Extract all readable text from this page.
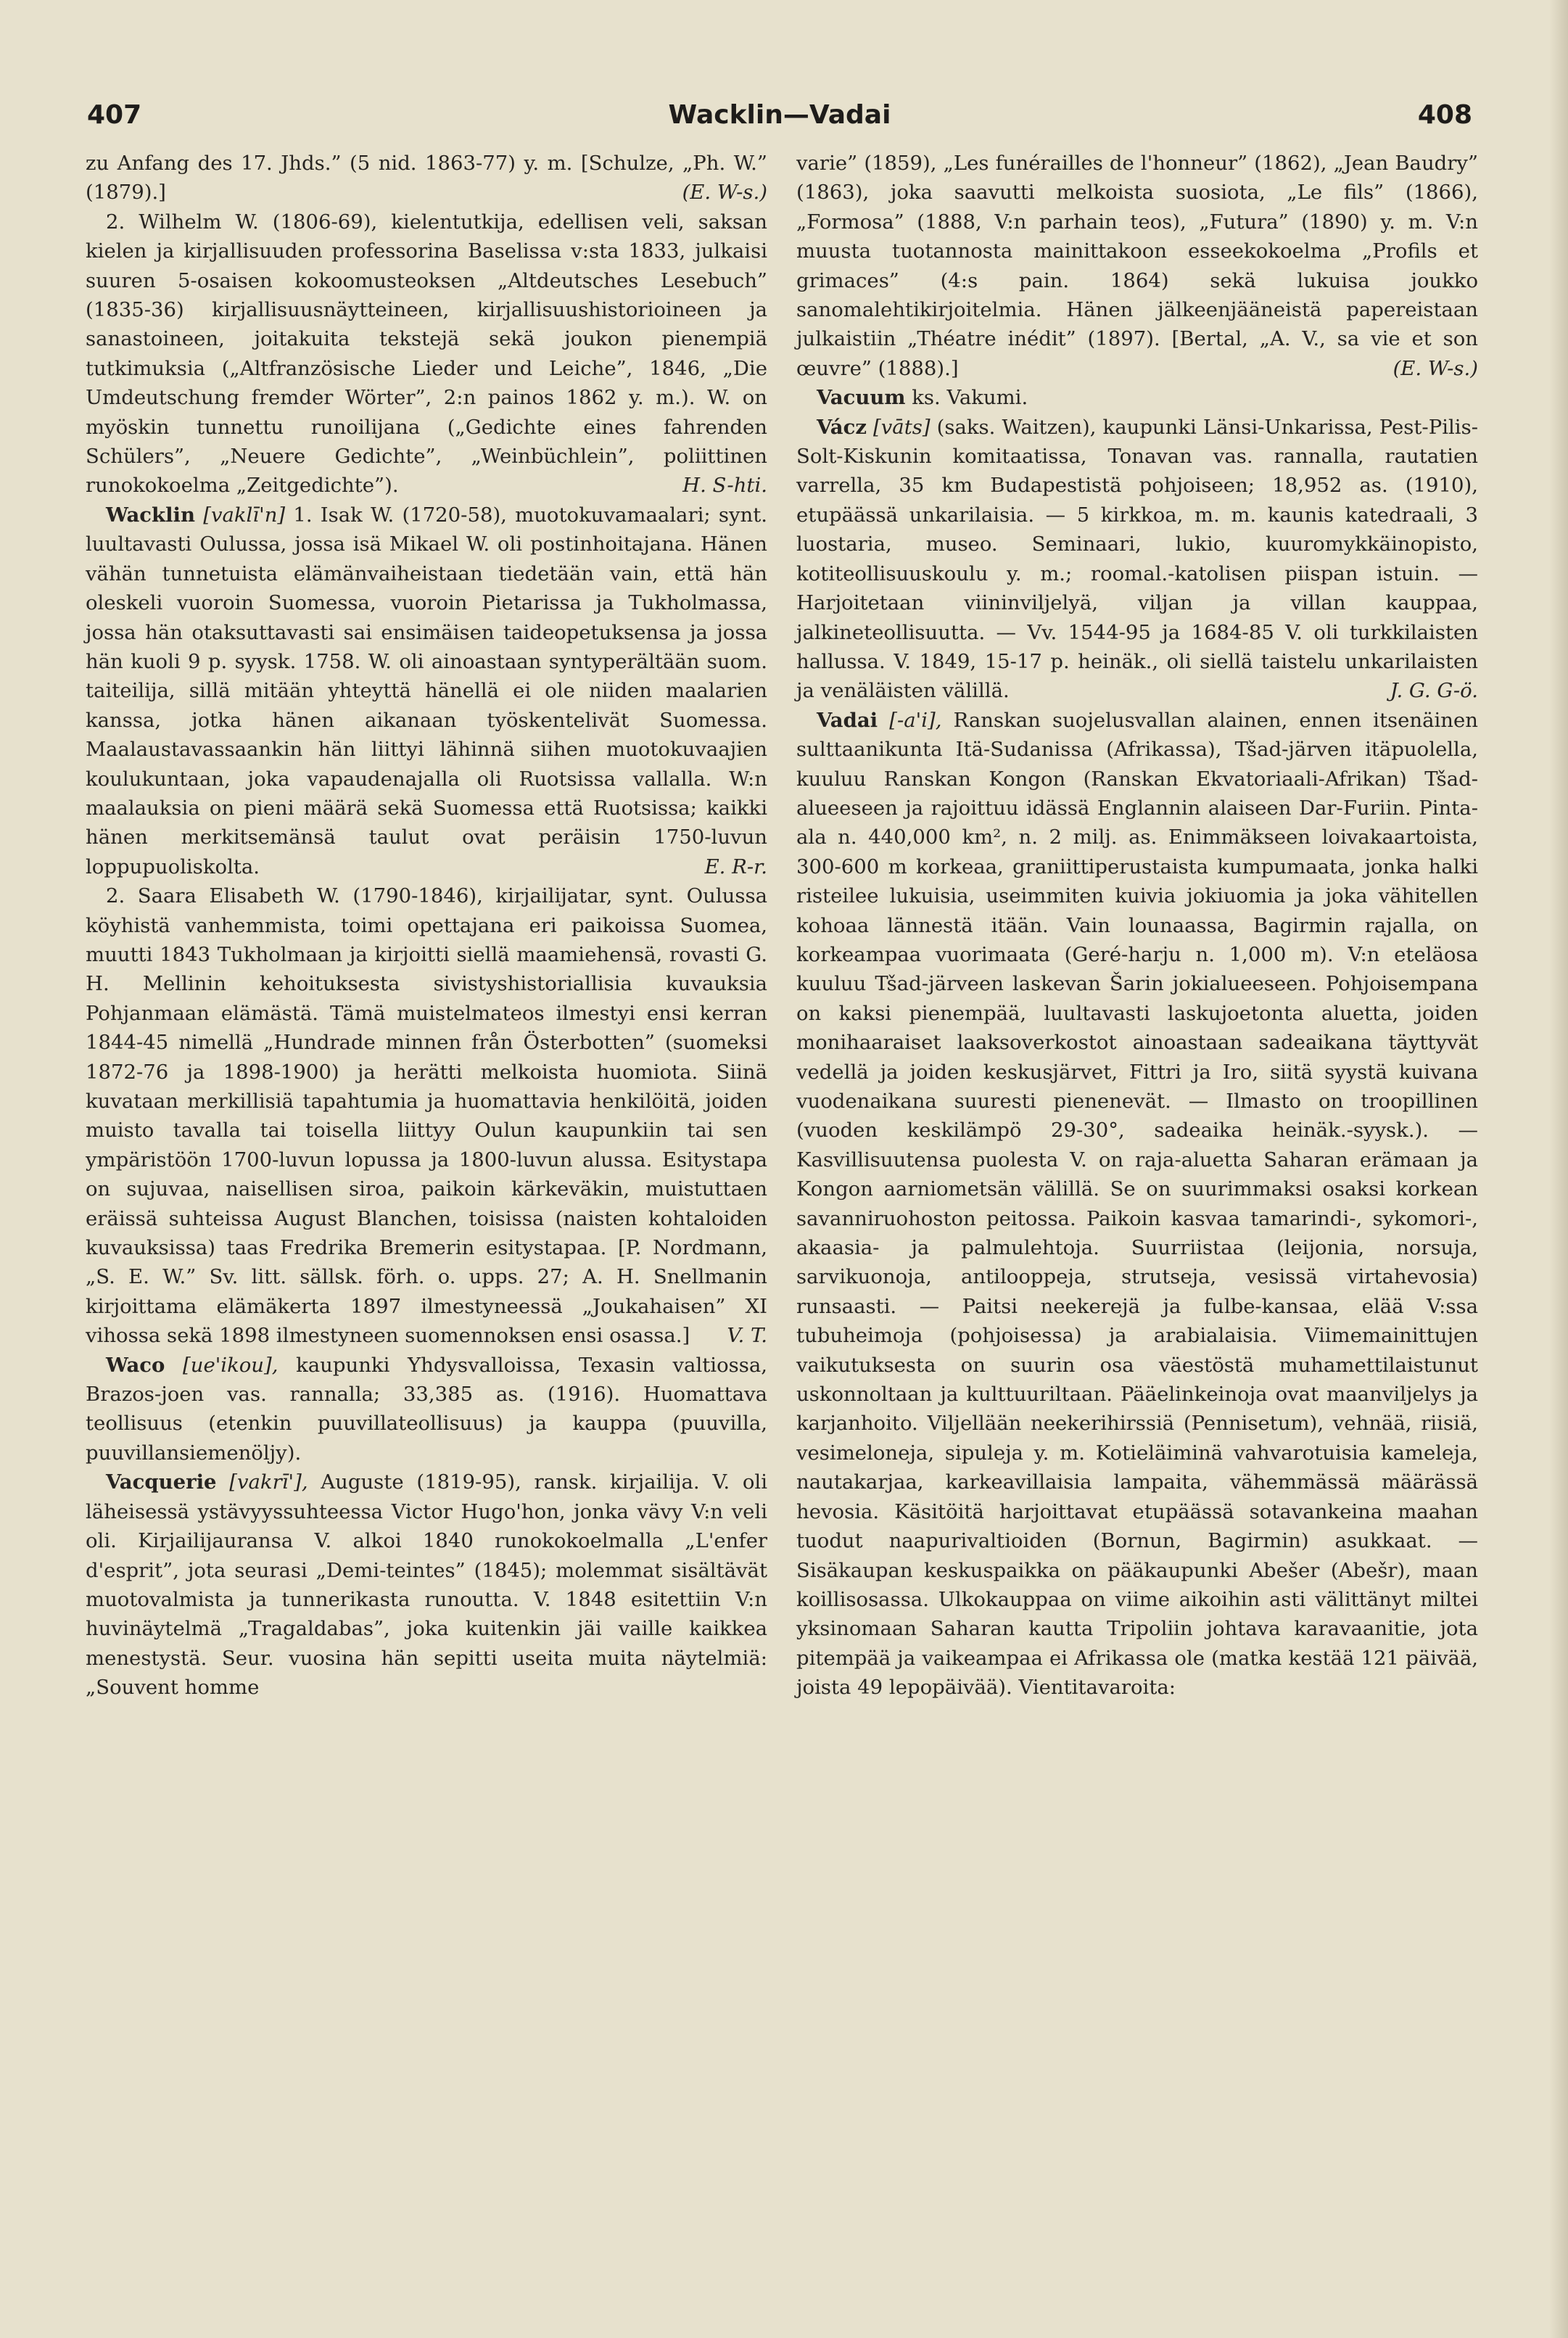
407	Wacklin—Vadai	408

zu Anfang des 17. Jhds.” (5 nid. 1863-77) y. m. [Schulze, „Ph. W.” (1879).]	(E. W-s.)

2. Wilhelm W. (1806-69), kielentutkija, edellisen veli, saksan kielen ja kirjallisuuden professorina Baselissa v:sta 1833, julkaisi suuren 5-osaisen kokoomusteoksen „Altdeutsches Lesebuch” (1835-36) kirjallisuusnäytteineen, kirjallisuushistorioineen ja sanastoineen, joitakuita tekstejä sekä joukon pienempiä tutkimuksia („Altfranzösische Lieder und Leiche”, 1846, „Die Umdeutschung fremder Wörter”, 2:n painos 1862 y. m.). W. on myöskin tunnettu runoilijana („Gedichte eines fahrenden Schülers”, „Neuere Gedichte”, „Weinbüchlein”, poliittinen runokokoelma „Zeitgedichte”).	H. S-hti.

Wacklin [vaklī'n] 1. Isak W. (1720-58), muotokuvamaalari; synt. luultavasti Oulussa, jossa isä Mikael W. oli postinhoitajana. Hänen vähän tunnetuista elämänvaiheistaan tiedetään vain, että hän oleskeli vuoroin Suomessa, vuoroin Pietarissa ja Tukholmassa, jossa hän otaksuttavasti sai ensimäisen taideopetuksensa ja jossa hän kuoli 9 p. syysk. 1758. W. oli ainoastaan syntyperältään suom. taiteilija, sillä mitään yhteyttä hänellä ei ole niiden maalarien kanssa, jotka hänen aikanaan työskentelivät Suomessa. Maalaustavassaankin hän liittyi lähinnä siihen muotokuvaajien koulukuntaan, joka vapaudenajalla oli Ruotsissa vallalla. W:n maalauksia on pieni määrä sekä Suomessa että Ruotsissa; kaikki hänen merkitsemänsä taulut ovat peräisin 1750-luvun loppupuoliskolta.	E. R-r.

2. Saara Elisabeth W. (1790-1846), kirjailijatar, synt. Oulussa köyhistä vanhemmista, toimi opettajana eri paikoissa Suomea, muutti 1843 Tukholmaan ja kirjoitti siellä maamiehensä, rovasti G. H. Mellinin kehoituksesta sivistyshistoriallisia kuvauksia Pohjanmaan elämästä. Tämä muistelmateos ilmestyi ensi kerran 1844-45 nimellä „Hundrade minnen från Österbotten” (suomeksi 1872-76 ja 1898-1900) ja herätti melkoista huomiota. Siinä kuvataan merkillisiä tapahtumia ja huomattavia henkilöitä, joiden muisto tavalla tai toisella liittyy Oulun kaupunkiin tai sen ympäristöön 1700-luvun lopussa ja 1800-luvun alussa. Esitystapa on sujuvaa, naisellisen siroa, paikoin kärkeväkin, muistuttaen eräissä suhteissa August Blanchen, toisissa (naisten kohtaloiden kuvauksissa) taas Fredrika Bremerin esitystapaa. [P. Nordmann, „S. E. W.” Sv. litt. sällsk. förh. o. upps. 27; A. H. Snellmanin kirjoittama elämäkerta 1897 ilmestyneessä „Joukahaisen” XI vihossa sekä 1898 ilmestyneen suomennoksen ensi osassa.]	V. T.

Waco [ue'ikou], kaupunki Yhdysvalloissa, Texasin valtiossa, Brazos-joen vas. rannalla; 33,385 as. (1916). Huomattava teollisuus (etenkin puuvillateollisuus) ja kauppa (puuvilla, puuvillansiemenöljy).

Vacquerie [vakrī'], Auguste (1819-95), ransk. kirjailija. V. oli läheisessä ystävyyssuhteessa Victor Hugo'hon, jonka vävy V:n veli oli. Kirjailijauransa V. alkoi 1840 runokokoelmalla „L'enfer d'esprit”, jota seurasi „Demi-teintes” (1845); molemmat sisältävät muotovalmista ja tunnerikasta runoutta. V. 1848 esitettiin V:n huvinäytelmä „Tragaldabas”, joka kuitenkin jäi vaille kaikkea menestystä. Seur. vuosina hän sepitti useita muita näytelmiä: „Souvent homme

varie” (1859), „Les funérailles de l'honneur” (1862), „Jean Baudry” (1863), joka saavutti melkoista suosiota, „Le fils” (1866), „Formosa” (1888, V:n parhain teos), „Futura” (1890) y. m. V:n muusta tuotannosta mainittakoon esseekokoelma „Profils et grimaces” (4:s pain. 1864) sekä lukuisa joukko sanomalehtikirjoitelmia. Hänen jälkeenjääneistä papereistaan julkaistiin „Théatre inédit” (1897). [Bertal, „A. V., sa vie et son œuvre” (1888).]	(E. W-s.)

Vacuum ks. Vakumi.

Vácz [vāts] (saks. Waitzen), kaupunki Länsi-Unkarissa, Pest-Pilis-Solt-Kiskunin komitaatissa, Tonavan vas. rannalla, rautatien varrella, 35 km Budapestistä pohjoiseen; 18,952 as. (1910), etupäässä unkarilaisia. — 5 kirkkoa, m. m. kaunis katedraali, 3 luostaria, museo. Seminaari, lukio, kuuromykkäinopisto, kotiteollisuuskoulu y. m.; roomal.-katolisen piispan istuin. — Harjoitetaan viininviljelyä, viljan ja villan kauppaa, jalkineteollisuutta. — Vv. 1544-95 ja 1684-85 V. oli turkkilaisten hallussa. V. 1849, 15-17 p. heinäk., oli siellä taistelu unkarilaisten ja venäläisten välillä.	J. G. G-ö.

Vadai [-a'i], Ranskan suojelusvallan alainen, ennen itsenäinen sulttaanikunta Itä-Sudanissa (Afrikassa), Tšad-järven itäpuolella, kuuluu Ranskan Kongon (Ranskan Ekvatoriaali-Afrikan) Tšad-alueeseen ja rajoittuu idässä Englannin alaiseen Dar-Furiin. Pinta-ala n. 440,000 km², n. 2 milj. as. Enimmäkseen loivakaartoista, 300-600 m korkeaa, graniittiperustaista kumpumaata, jonka halki risteilee lukuisia, useimmiten kuivia jokiuomia ja joka vähitellen kohoaa lännestä itään. Vain lounaassa, Bagirmin rajalla, on korkeampaa vuorimaata (Geré-harju n. 1,000 m). V:n eteläosa kuuluu Tšad-järveen laskevan Šarin jokialueeseen. Pohjoisempana on kaksi pienempää, luultavasti laskujoetonta aluetta, joiden monihaaraiset laaksoverkostot ainoastaan sadeaikana täyttyvät vedellä ja joiden keskusjärvet, Fittri ja Iro, siitä syystä kuivana vuodenaikana suuresti pienenevät. — Ilmasto on troopillinen (vuoden keskilämpö 29-30°, sadeaika heinäk.-syysk.). — Kasvillisuutensa puolesta V. on raja-aluetta Saharan erämaan ja Kongon aarniometsän välillä. Se on suurimmaksi osaksi korkean savanniruohoston peitossa. Paikoin kasvaa tamarindi-, sykomori-, akaasia- ja palmulehtoja. Suurriistaa (leijonia, norsuja, sarvikuonoja, antilooppeja, strutseja, vesissä virtahevosia) runsaasti. — Paitsi neekerejä ja fulbe-kansaa, elää V:ssa tubuheimoja (pohjoisessa) ja arabialaisia. Viimemainittujen vaikutuksesta on suurin osa väestöstä muhamettilaistunut uskonnoltaan ja kulttuuriltaan. Pääelinkeinoja ovat maanviljelys ja karjanhoito. Viljellään neekerihirssiä (Pennisetum), vehnää, riisiä, vesimeloneja, sipuleja y. m. Kotieläiminä vahvarotuisia kameleja, nautakarjaa, karkeavillaisia lampaita, vähemmässä määrässä hevosia. Käsitöitä harjoittavat etupäässä sotavankeina maahan tuodut naapurivaltioiden (Bornun, Bagirmin) asukkaat. — Sisäkaupan keskuspaikka on pääkaupunki Abešer (Abešr), maan koillisosassa. Ulkokauppaa on viime aikoihin asti välittänyt miltei yksinomaan Saharan kautta Tripoliin johtava karavaanitie, jota pitempää ja vaikeampaa ei Afrikassa ole (matka kestää 121 päivää, joista 49 lepopäivää). Vientitavaroita:
